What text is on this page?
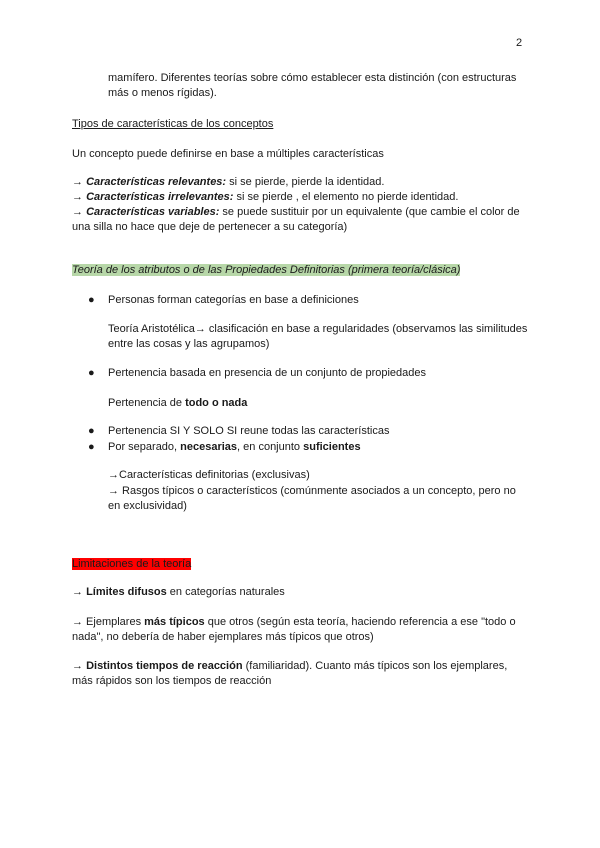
2
mamífero. Diferentes teorías sobre cómo establecer esta distinción (con estructuras más o menos rígidas).
Tipos de características de los conceptos
Un concepto puede definirse en base a múltiples características
→ Características relevantes: si se pierde, pierde la identidad.
→ Características irrelevantes: si se pierde , el elemento no pierde identidad.
→ Características variables: se puede sustituir por un equivalente (que cambie el color de una silla no hace que deje de pertenecer a su categoría)
Teoría de los atributos o de las Propiedades Definitorias (primera teoría/clásica)
● Personas forman categorías en base a definiciones
Teoría Aristotélica→ clasificación en base a regularidades (observamos las similitudes entre las cosas y las agrupamos)
● Pertenencia basada en presencia de un conjunto de propiedades
Pertenencia de todo o nada
● Pertenencia SI Y SOLO SI reune todas las características
● Por separado, necesarias, en conjunto suficientes
→Características definitorias (exclusivas)
→ Rasgos típicos o característicos (comúnmente asociados a un concepto, pero no en exclusividad)
Limitaciones de la teoría
→ Límites difusos en categorías naturales
→ Ejemplares más típicos que otros (según esta teoría, haciendo referencia a ese "todo o nada", no debería de haber ejemplares más típicos que otros)
→ Distintos tiempos de reacción (familiaridad). Cuanto más típicos son los ejemplares, más rápidos son los tiempos de reacción
